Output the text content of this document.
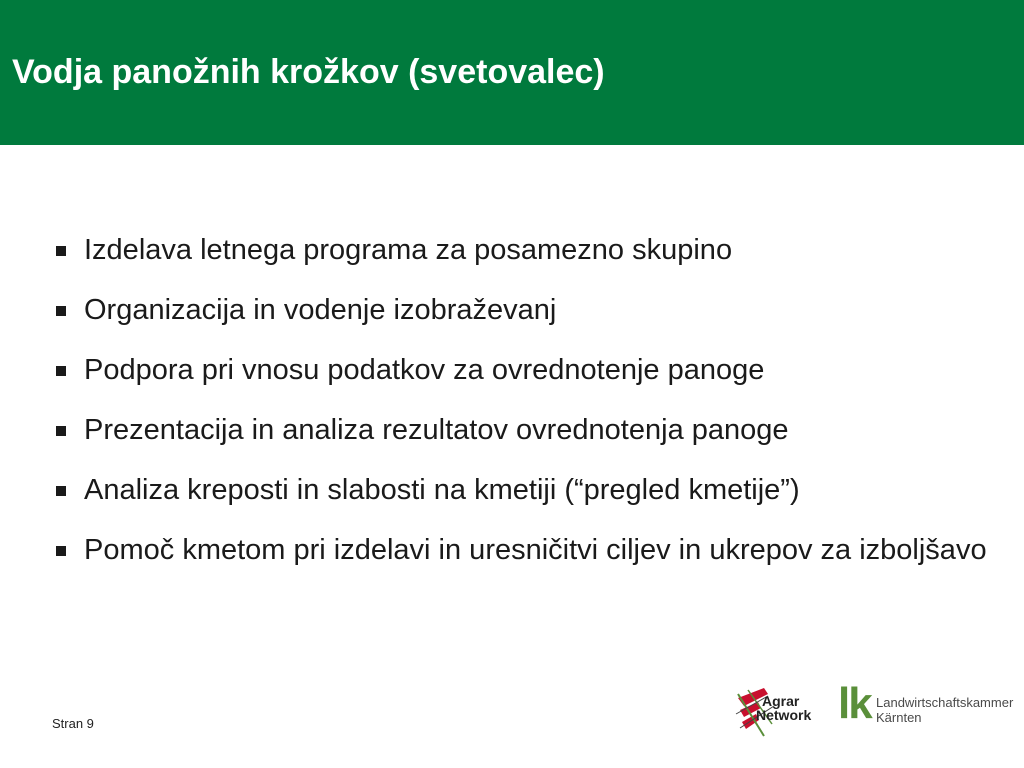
Vodja panožnih krožkov (svetovalec)
Izdelava letnega programa za posamezno skupino
Organizacija in vodenje izobraževanj
Podpora pri vnosu podatkov za ovrednotenje panoge
Prezentacija in analiza rezultatov ovrednotenja panoge
Analiza kreposti in slabosti na kmetiji (“pregled kmetije”)
Pomoč kmetom pri izdelavi in uresničitvi ciljev in ukrepov za izboljšavo
Stran 9
Agrar
Network lk Landwirtschaftskammer
Kärnten
